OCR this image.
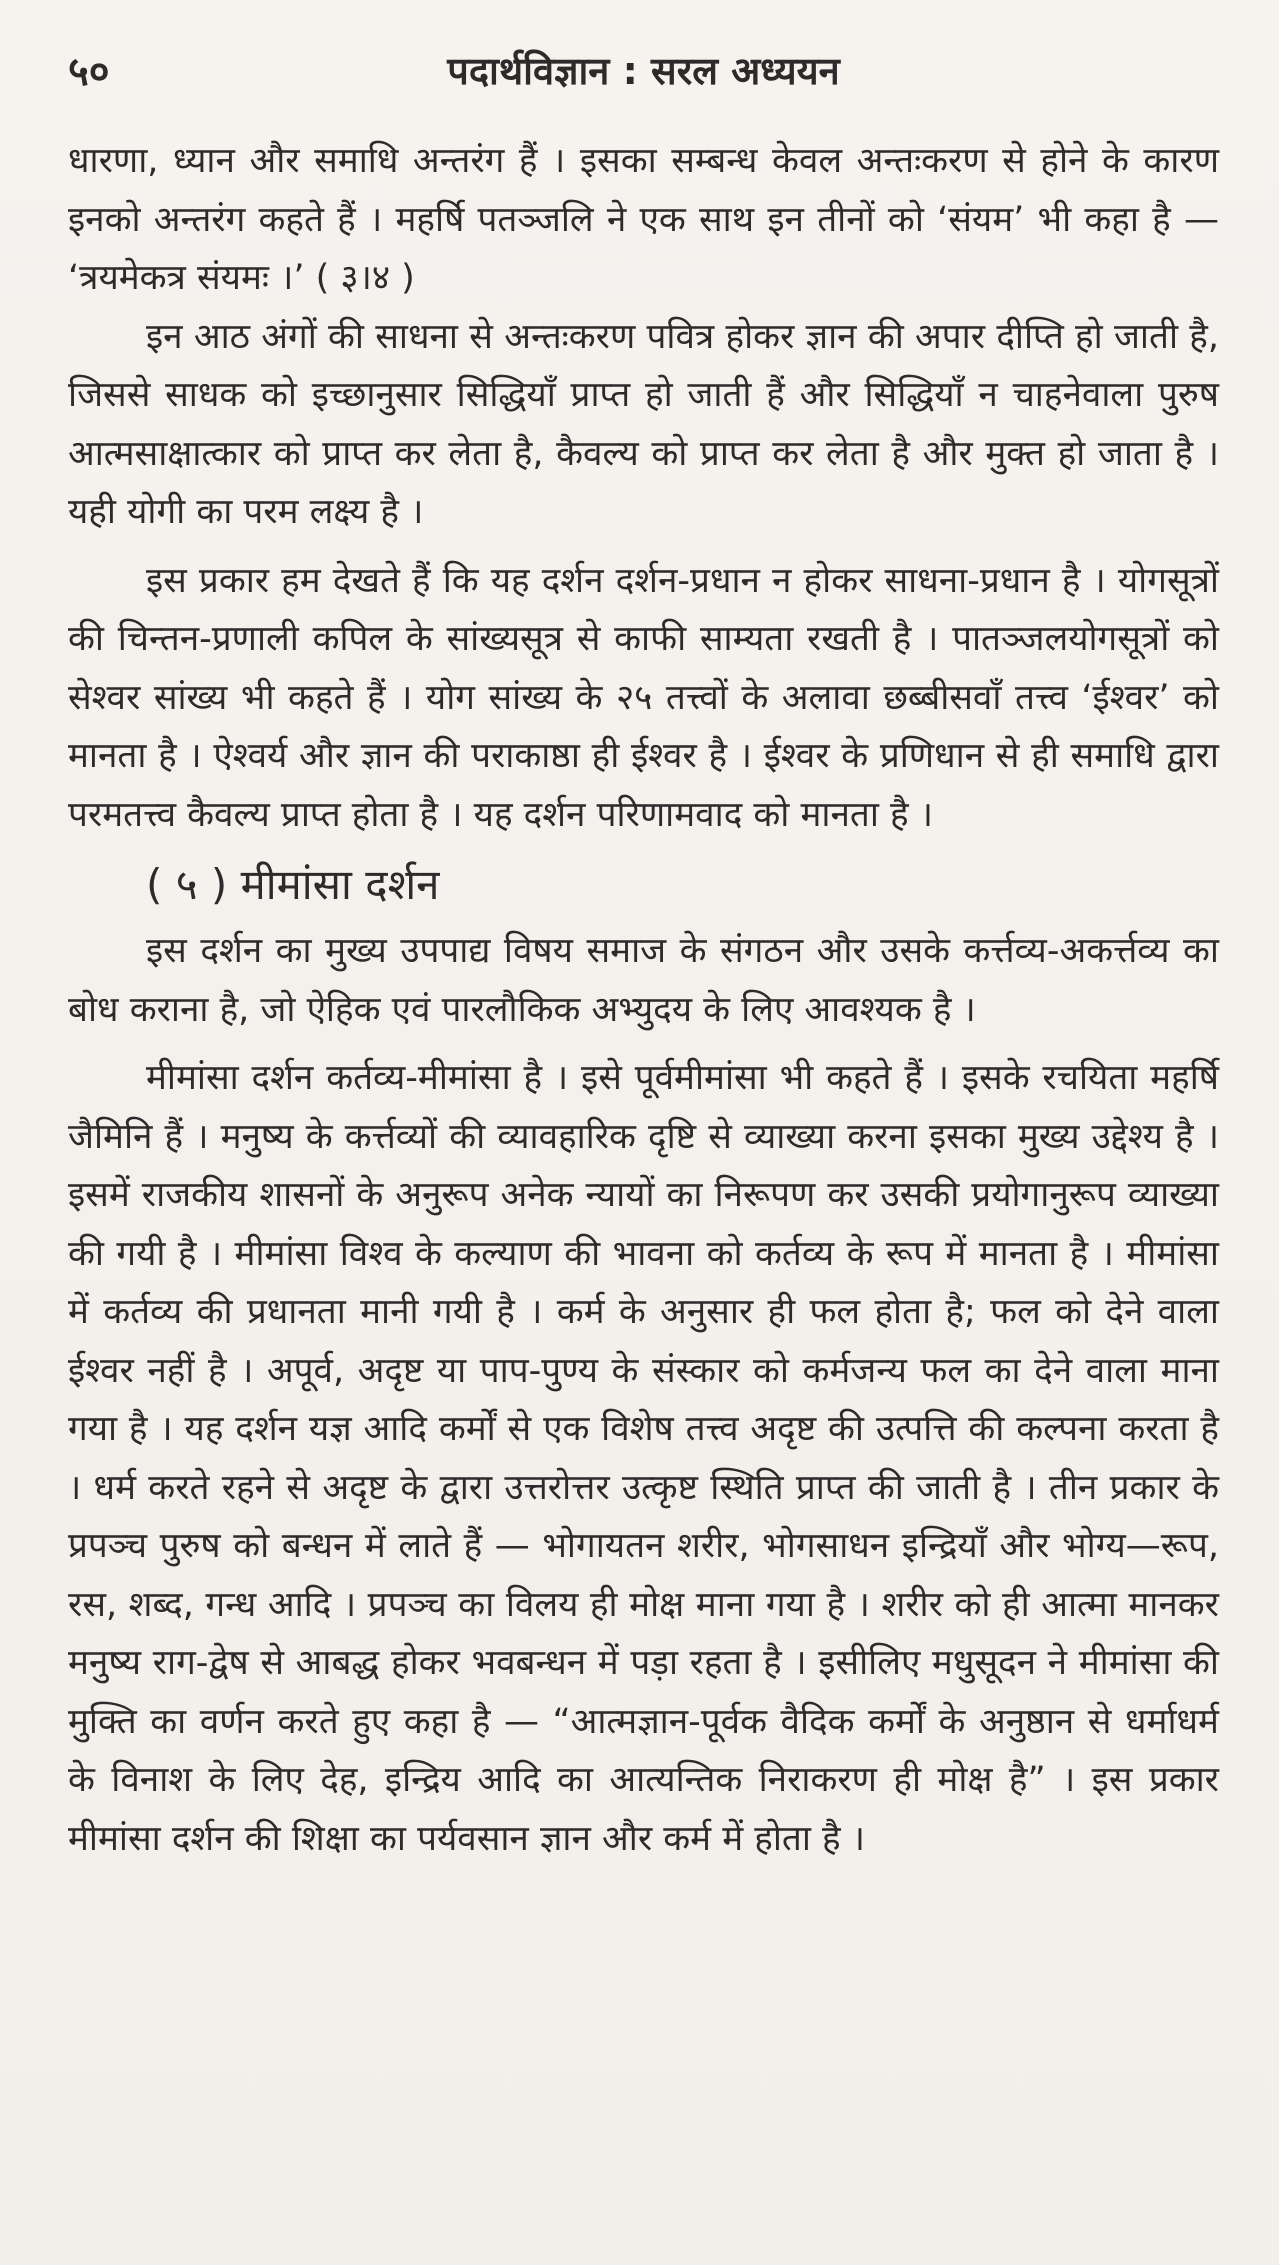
५०	पदार्थविज्ञान : सरल अध्ययन

धारणा, ध्यान और समाधि अन्तरंग हैं । इसका सम्बन्ध केवल अन्तःकरण से होने के कारण इनको अन्तरंग कहते हैं । महर्षि पतञ्जलि ने एक साथ इन तीनों को ‘संयम’ भी कहा है — ‘त्रयमेकत्र संयमः ।’ ( ३।४ )

इन आठ अंगों की साधना से अन्तःकरण पवित्र होकर ज्ञान की अपार दीप्ति हो जाती है, जिससे साधक को इच्छानुसार सिद्धियाँ प्राप्त हो जाती हैं और सिद्धियाँ न चाहनेवाला पुरुष आत्मसाक्षात्कार को प्राप्त कर लेता है, कैवल्य को प्राप्त कर लेता है और मुक्त हो जाता है । यही योगी का परम लक्ष्य है ।

इस प्रकार हम देखते हैं कि यह दर्शन दर्शन-प्रधान न होकर साधना-प्रधान है । योगसूत्रों की चिन्तन-प्रणाली कपिल के सांख्यसूत्र से काफी साम्यता रखती है । पातञ्जलयोगसूत्रों को सेश्वर सांख्य भी कहते हैं । योग सांख्य के २५ तत्त्वों के अलावा छब्बीसवाँ तत्त्व ‘ईश्वर’ को मानता है । ऐश्वर्य और ज्ञान की पराकाष्ठा ही ईश्वर है । ईश्वर के प्रणिधान से ही समाधि द्वारा परमतत्त्व कैवल्य प्राप्त होता है । यह दर्शन परिणामवाद को मानता है ।

( ५ ) मीमांसा दर्शन

इस दर्शन का मुख्य उपपाद्य विषय समाज के संगठन और उसके कर्त्तव्य-अकर्त्तव्य का बोध कराना है, जो ऐहिक एवं पारलौकिक अभ्युदय के लिए आवश्यक है ।

मीमांसा दर्शन कर्तव्य-मीमांसा है । इसे पूर्वमीमांसा भी कहते हैं । इसके रचयिता महर्षि जैमिनि हैं । मनुष्य के कर्त्तव्यों की व्यावहारिक दृष्टि से व्याख्या करना इसका मुख्य उद्देश्य है । इसमें राजकीय शासनों के अनुरूप अनेक न्यायों का निरूपण कर उसकी प्रयोगानुरूप व्याख्या की गयी है । मीमांसा विश्व के कल्याण की भावना को कर्तव्य के रूप में मानता है । मीमांसा में कर्तव्य की प्रधानता मानी गयी है । कर्म के अनुसार ही फल होता है; फल को देने वाला ईश्वर नहीं है । अपूर्व, अदृष्ट या पाप-पुण्य के संस्कार को कर्मजन्य फल का देने वाला माना गया है । यह दर्शन यज्ञ आदि कर्मों से एक विशेष तत्त्व अदृष्ट की उत्पत्ति की कल्पना करता है । धर्म करते रहने से अदृष्ट के द्वारा उत्तरोत्तर उत्कृष्ट स्थिति प्राप्त की जाती है । तीन प्रकार के प्रपञ्च पुरुष को बन्धन में लाते हैं — भोगायतन शरीर, भोगसाधन इन्द्रियाँ और भोग्य—रूप, रस, शब्द, गन्ध आदि । प्रपञ्च का विलय ही मोक्ष माना गया है । शरीर को ही आत्मा मानकर मनुष्य राग-द्वेष से आबद्ध होकर भवबन्धन में पड़ा रहता है । इसीलिए मधुसूदन ने मीमांसा की मुक्ति का वर्णन करते हुए कहा है — “आत्मज्ञान-पूर्वक वैदिक कर्मों के अनुष्ठान से धर्माधर्म के विनाश के लिए देह, इन्द्रिय आदि का आत्यन्तिक निराकरण ही मोक्ष है” । इस प्रकार मीमांसा दर्शन की शिक्षा का पर्यवसान ज्ञान और कर्म में होता है ।
